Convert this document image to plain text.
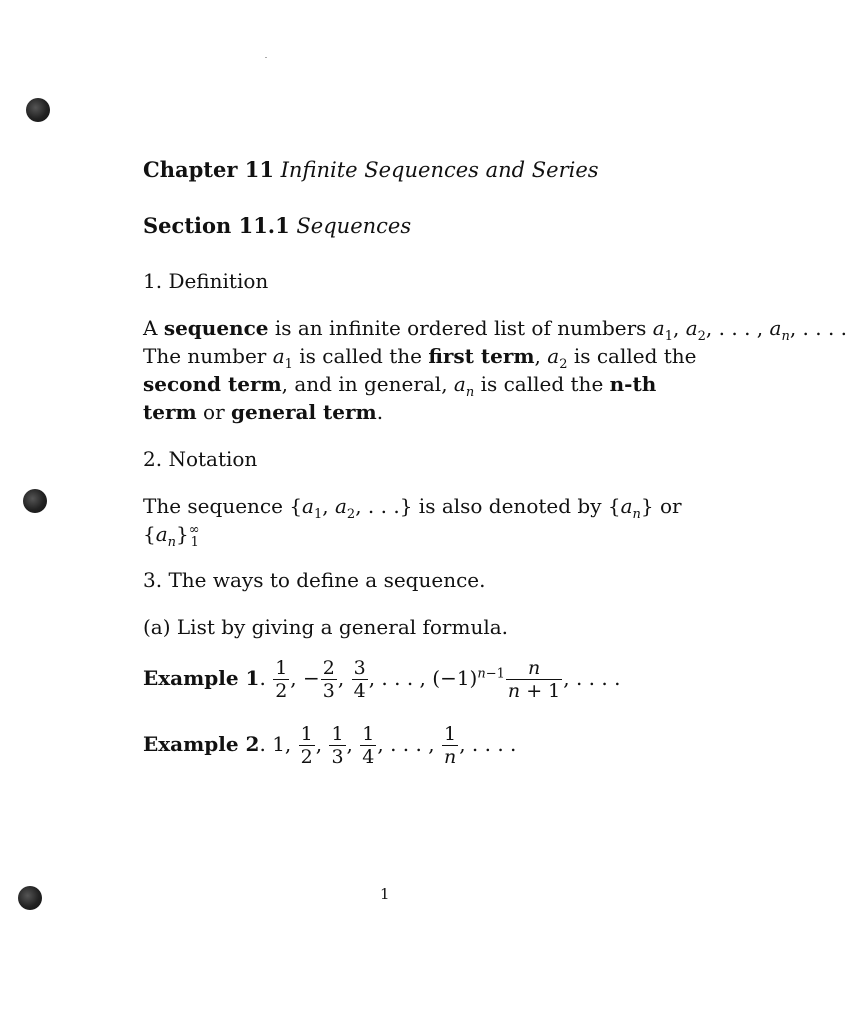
Chapter 11 Infinite Sequences and Series
Section 11.1 Sequences
1. Definition
A sequence is an infinite ordered list of numbers $a_1$, $a_2$, . . . , $a_n$, . . . .
The number $a_1$ is called the first term, $a_2$ is called the
second term, and in general, $a_n$ is called the n-th
term or general term.
2. Notation
The sequence {$a_1$, $a_2$, . . .} is also denoted by $\{a_n\}$ or
$\{a_n\}^\infty_1$
3. The ways to define a sequence.
(a) List by giving a general formula.
Example 1. $\frac{1}{2}$ , − $\frac{2}{3}$ , $\frac{3}{4}$ , . . . , $(-1)^{n-1} \frac{n}{n + 1}$ , . . . .
Example 2. 1, $\frac{1}{2}$ , $\frac{1}{3}$ , $\frac{1}{4}$ , . . . , $\frac{1}{n}$ , . . . .
1
